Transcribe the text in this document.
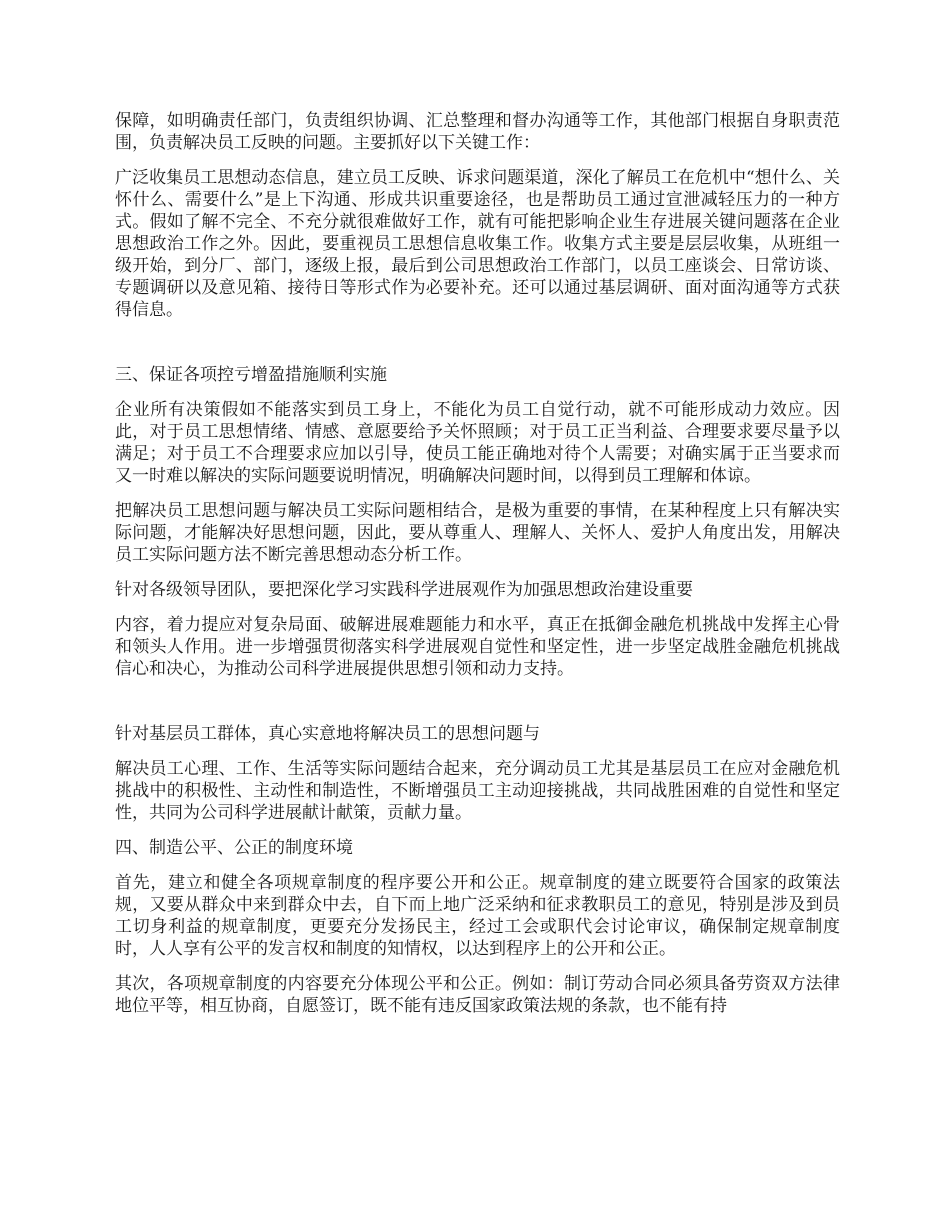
保障，如明确责任部门，负责组织协调、汇总整理和督办沟通等工作，其他部门根据自身职责范围，负责解决员工反映的问题。主要抓好以下关键工作：

广泛收集员工思想动态信息，建立员工反映、诉求问题渠道，深化了解员工在危机中“想什么、关怀什么、需要什么”是上下沟通、形成共识重要途径，也是帮助员工通过宣泄减轻压力的一种方式。假如了解不完全、不充分就很难做好工作，就有可能把影响企业生存进展关键问题落在企业思想政治工作之外。因此，要重视员工思想信息收集工作。收集方式主要是层层收集，从班组一级开始，到分厂、部门，逐级上报，最后到公司思想政治工作部门，以员工座谈会、日常访谈、专题调研以及意见箱、接待日等形式作为必要补充。还可以通过基层调研、面对面沟通等方式获得信息。

三、保证各项控亏增盈措施顺利实施

企业所有决策假如不能落实到员工身上，不能化为员工自觉行动，就不可能形成动力效应。因此，对于员工思想情绪、情感、意愿要给予关怀照顾；对于员工正当利益、合理要求要尽量予以满足；对于员工不合理要求应加以引导，使员工能正确地对待个人需要；对确实属于正当要求而又一时难以解决的实际问题要说明情况，明确解决问题时间，以得到员工理解和体谅。

把解决员工思想问题与解决员工实际问题相结合，是极为重要的事情，在某种程度上只有解决实际问题，才能解决好思想问题，因此，要从尊重人、理解人、关怀人、爱护人角度出发，用解决员工实际问题方法不断完善思想动态分析工作。

针对各级领导团队，要把深化学习实践科学进展观作为加强思想政治建设重要

内容，着力提应对复杂局面、破解进展难题能力和水平，真正在抵御金融危机挑战中发挥主心骨和领头人作用。进一步增强贯彻落实科学进展观自觉性和坚定性，进一步坚定战胜金融危机挑战信心和决心，为推动公司科学进展提供思想引领和动力支持。

针对基层员工群体，真心实意地将解决员工的思想问题与

解决员工心理、工作、生活等实际问题结合起来，充分调动员工尤其是基层员工在应对金融危机挑战中的积极性、主动性和制造性，不断增强员工主动迎接挑战，共同战胜困难的自觉性和坚定性，共同为公司科学进展献计献策，贡献力量。

四、制造公平、公正的制度环境

首先，建立和健全各项规章制度的程序要公开和公正。规章制度的建立既要符合国家的政策法规，又要从群众中来到群众中去，自下而上地广泛采纳和征求教职员工的意见，特别是涉及到员工切身利益的规章制度，更要充分发扬民主，经过工会或职代会讨论审议，确保制定规章制度时，人人享有公平的发言权和制度的知情权，以达到程序上的公开和公正。

其次，各项规章制度的内容要充分体现公平和公正。例如：制订劳动合同必须具备劳资双方法律地位平等，相互协商，自愿签订，既不能有违反国家政策法规的条款，也不能有持
